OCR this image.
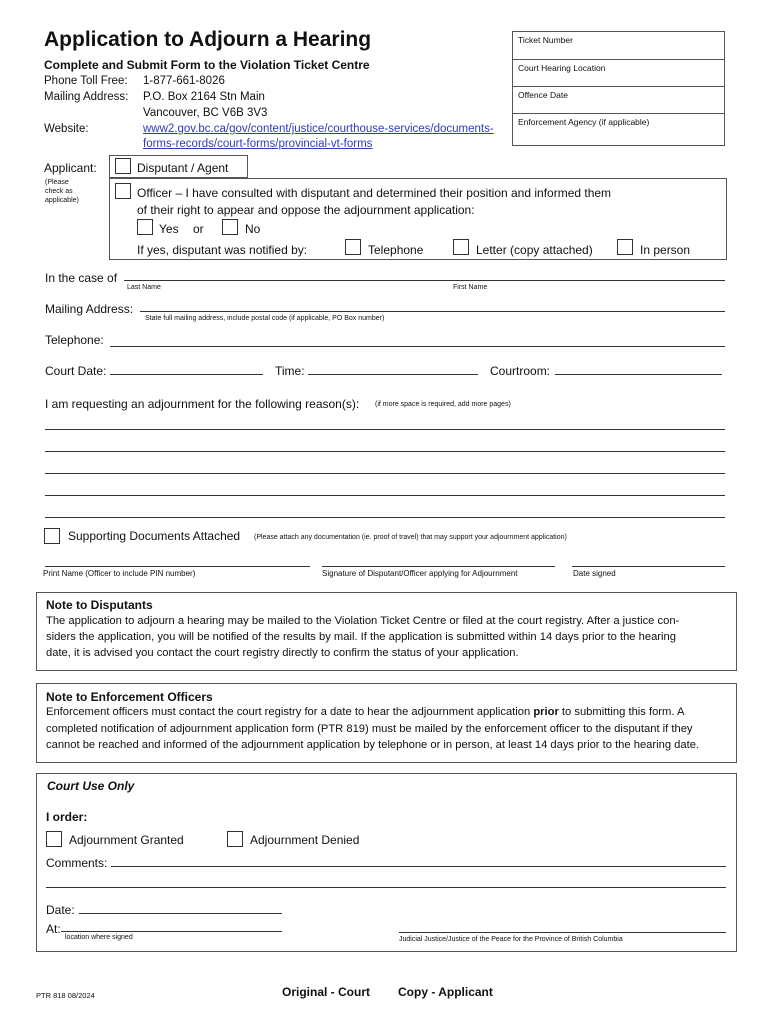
Application to Adjourn a Hearing
Complete and Submit Form to the Violation Ticket Centre
Phone Toll Free: 1-877-661-8026
Mailing Address: P.O. Box 2164 Stn Main
Vancouver, BC V6B 3V3
Website:	www2.gov.bc.ca/gov/content/justice/courthouse-services/documents-
forms-records/court-forms/provincial-vt-forms
Ticket Number
Court Hearing Location
Offence Date
Enforcement Agency (if applicable)
Applicant:
(Please
check as
applicable)
Disputant / Agent
Officer – I have consulted with disputant and determined their position and informed them
of their right to appear and oppose the adjournment application:
Yes or	No
If yes, disputant was notified by:	Telephone	Letter (copy attached)	In person
In the case of
Last Name	First Name
Mailing Address:
State full mailing address, include postal code (if applicable, PO Box number)
Telephone:
Court Date:	Time:	Courtroom:
I am requesting an adjournment for the following reason(s): (if more space is required, add more pages)
Supporting Documents Attached (Please attach any documentation (ie. proof of travel) that may support your adjournment application)
Print Name (Officer to include PIN number)	Signature of Disputant/Officer applying for Adjournment	Date signed
Note to Disputants
The application to adjourn a hearing may be mailed to the Violation Ticket Centre or filed at the court registry. After a justice con-
siders the application, you will be notified of the results by mail. If the application is submitted within 14 days prior to the hearing
date, it is advised you contact the court registry directly to confirm the status of your application.
Note to Enforcement Officers
Enforcement officers must contact the court registry for a date to hear the adjournment application prior to submitting this form. A
completed notification of adjournment application form (PTR 819) must be mailed by the enforcement officer to the disputant if they
cannot be reached and informed of the adjournment application by telephone or in person, at least 14 days prior to the hearing date.
Court Use Only
I order:
Adjournment Granted	Adjournment Denied
Comments:
Date:
At:
location where signed	Judicial Justice/Justice of the Peace for the Province of British Columbia
PTR 818 08/2024	Original - Court Copy - Applicant
